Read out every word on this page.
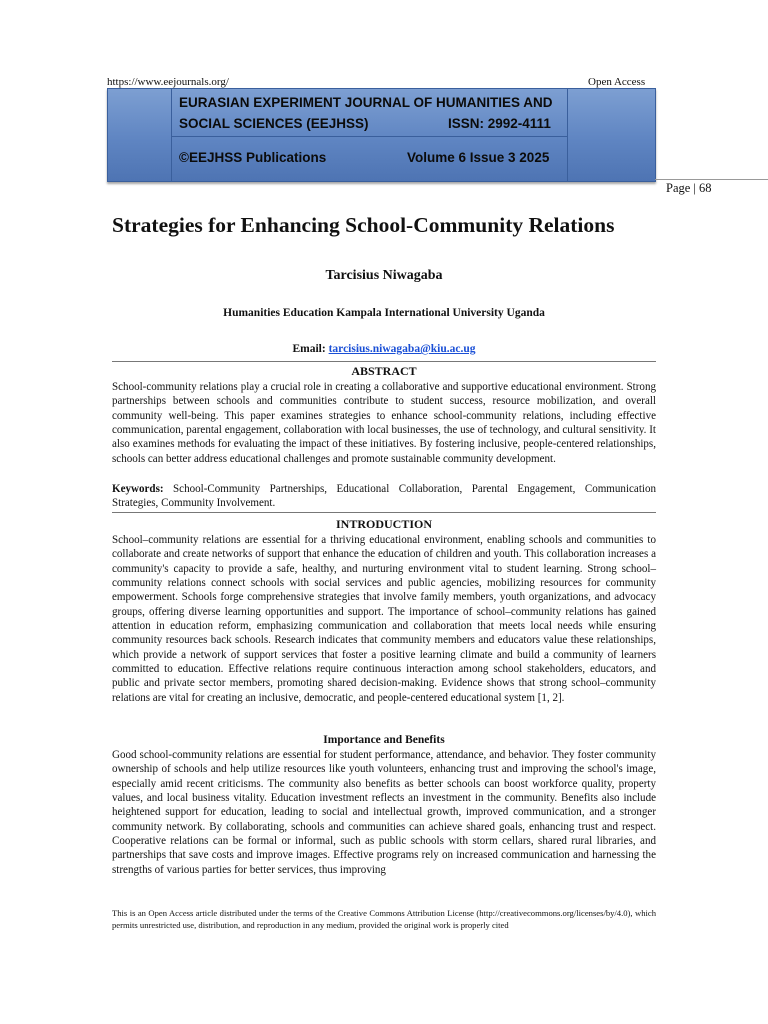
https://www.eejournals.org/	Open Access
EURASIAN EXPERIMENT JOURNAL OF HUMANITIES AND
SOCIAL SCIENCES (EEJHSS)	ISSN: 2992-4111
©EEJHSS Publications	Volume 6 Issue 3 2025
Page | 68
Strategies for Enhancing School-Community Relations
Tarcisius Niwagaba
Humanities Education Kampala International University Uganda
Email: tarcisius.niwagaba@kiu.ac.ug
ABSTRACT
School-community relations play a crucial role in creating a collaborative and supportive educational environment. Strong partnerships between schools and communities contribute to student success, resource mobilization, and overall community well-being. This paper examines strategies to enhance school-community relations, including effective communication, parental engagement, collaboration with local businesses, the use of technology, and cultural sensitivity. It also examines methods for evaluating the impact of these initiatives. By fostering inclusive, people-centered relationships, schools can better address educational challenges and promote sustainable community development.
Keywords: School-Community Partnerships, Educational Collaboration, Parental Engagement, Communication Strategies, Community Involvement.
INTRODUCTION
School–community relations are essential for a thriving educational environment, enabling schools and communities to collaborate and create networks of support that enhance the education of children and youth. This collaboration increases a community's capacity to provide a safe, healthy, and nurturing environment vital to student learning. Strong school–community relations connect schools with social services and public agencies, mobilizing resources for community empowerment. Schools forge comprehensive strategies that involve family members, youth organizations, and advocacy groups, offering diverse learning opportunities and support. The importance of school–community relations has gained attention in education reform, emphasizing communication and collaboration that meets local needs while ensuring community resources back schools. Research indicates that community members and educators value these relationships, which provide a network of support services that foster a positive learning climate and build a community of learners committed to education. Effective relations require continuous interaction among school stakeholders, educators, and public and private sector members, promoting shared decision-making. Evidence shows that strong school–community relations are vital for creating an inclusive, democratic, and people-centered educational system [1, 2].
Importance and Benefits
Good school-community relations are essential for student performance, attendance, and behavior. They foster community ownership of schools and help utilize resources like youth volunteers, enhancing trust and improving the school's image, especially amid recent criticisms. The community also benefits as better schools can boost workforce quality, property values, and local business vitality. Education investment reflects an investment in the community. Benefits also include heightened support for education, leading to social and intellectual growth, improved communication, and a stronger community network. By collaborating, schools and communities can achieve shared goals, enhancing trust and respect. Cooperative relations can be formal or informal, such as public schools with storm cellars, shared rural libraries, and partnerships that save costs and improve images. Effective programs rely on increased communication and harnessing the strengths of various parties for better services, thus improving
This is an Open Access article distributed under the terms of the Creative Commons Attribution License (http://creativecommons.org/licenses/by/4.0), which permits unrestricted use, distribution, and reproduction in any medium, provided the original work is properly cited
